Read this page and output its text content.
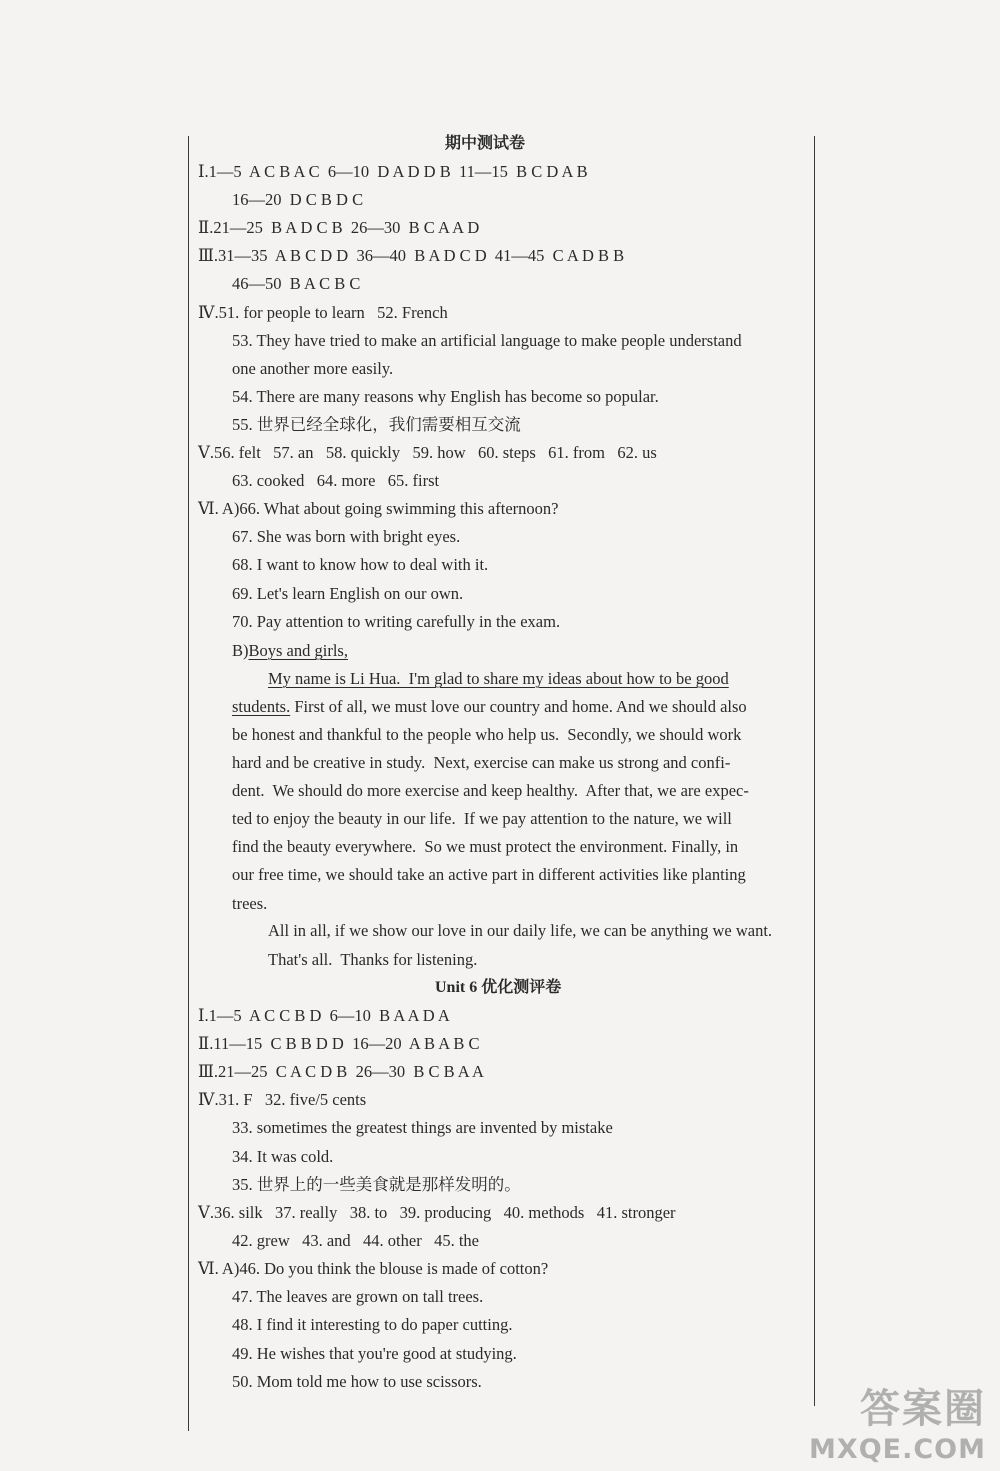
期中测试卷
Ⅰ.1—5  A C B A C  6—10  D A D D B  11—15  B C D A B
16—20  D C B D C
Ⅱ.21—25  B A D C B  26—30  B C A A D
Ⅲ.31—35  A B C D D  36—40  B A D C D  41—45  C A D B B
46—50  B A C B C
Ⅳ.51. for people to learn   52. French
53. They have tried to make an artificial language to make people understand
one another more easily.
54. There are many reasons why English has become so popular.
55. 世界已经全球化，我们需要相互交流
Ⅴ.56. felt   57. an   58. quickly   59. how   60. steps   61. from   62. us
63. cooked   64. more   65. first
Ⅵ. A)66. What about going swimming this afternoon?
67. She was born with bright eyes.
68. I want to know how to deal with it.
69. Let's learn English on our own.
70. Pay attention to writing carefully in the exam.
B)Boys and girls,
My name is Li Hua.  I'm glad to share my ideas about how to be good
students. First of all, we must love our country and home. And we should also
be honest and thankful to the people who help us.  Secondly, we should work
hard and be creative in study.  Next, exercise can make us strong and confi-
dent.  We should do more exercise and keep healthy.  After that, we are expec-
ted to enjoy the beauty in our life.  If we pay attention to the nature, we will
find the beauty everywhere.  So we must protect the environment. Finally, in
our free time, we should take an active part in different activities like planting
trees.
All in all, if we show our love in our daily life, we can be anything we want.
That's all.  Thanks for listening.
Unit 6 优化测评卷
Ⅰ.1—5  A C C B D  6—10  B A A D A
Ⅱ.11—15  C B B D D  16—20  A B A B C
Ⅲ.21—25  C A C D B  26—30  B C B A A
Ⅳ.31. F   32. five/5 cents
33. sometimes the greatest things are invented by mistake
34. It was cold.
35. 世界上的一些美食就是那样发明的。
Ⅴ.36. silk   37. really   38. to   39. producing   40. methods   41. stronger
42. grew   43. and   44. other   45. the
Ⅵ. A)46. Do you think the blouse is made of cotton?
47. The leaves are grown on tall trees.
48. I find it interesting to do paper cutting.
49. He wishes that you're good at studying.
50. Mom told me how to use scissors.
答案圈
MXQE.COM
